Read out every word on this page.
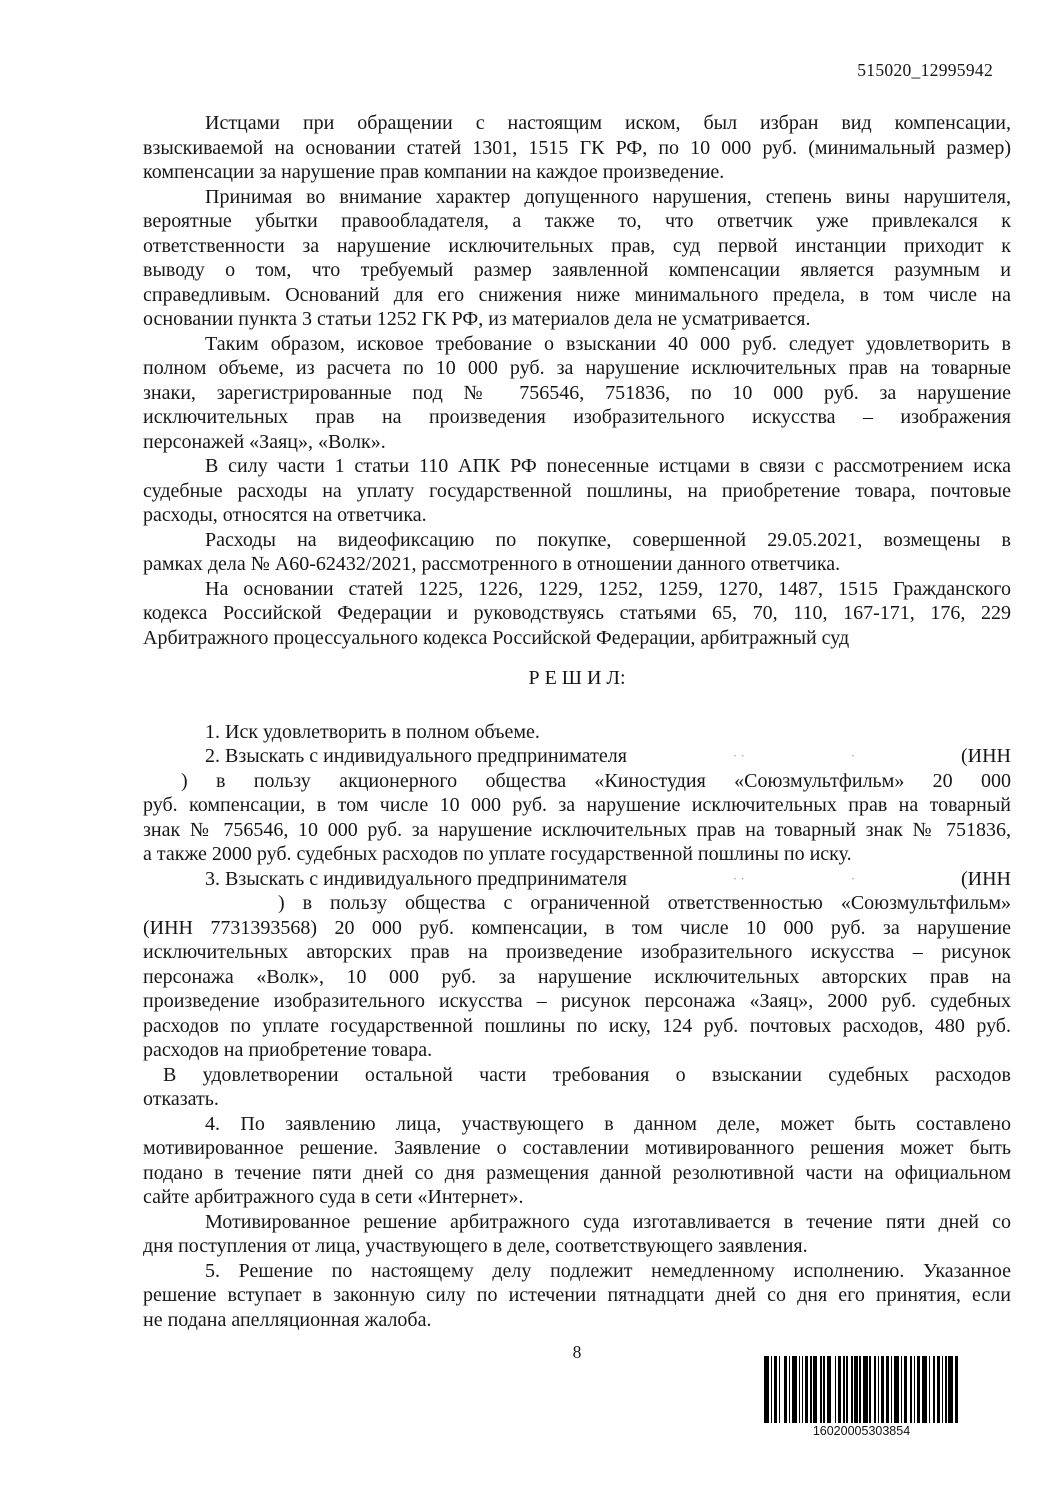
515020_12995942
Истцами при обращении с настоящим иском, был избран вид компенсации,
взыскиваемой на основании статей 1301, 1515 ГК РФ, по 10 000 руб. (минимальный размер)
компенсации за нарушение прав компании на каждое произведение.
Принимая во внимание характер допущенного нарушения, степень вины нарушителя,
вероятные убытки правообладателя, а также то, что ответчик уже привлекался к
ответственности за нарушение исключительных прав, суд первой инстанции приходит к
выводу о том, что требуемый размер заявленной компенсации является разумным и
справедливым. Оснований для его снижения ниже минимального предела, в том числе на
основании пункта 3 статьи 1252 ГК РФ, из материалов дела не усматривается.
Таким образом, исковое требование о взыскании 40 000 руб. следует удовлетворить в
полном объеме, из расчета по 10 000 руб. за нарушение исключительных прав на товарные
знаки, зарегистрированные под № 756546, 751836, по 10 000 руб. за нарушение
исключительных прав на произведения изобразительного искусства – изображения
персонажей «Заяц», «Волк».
В силу части 1 статьи 110 АПК РФ понесенные истцами в связи с рассмотрением иска
судебные расходы на уплату государственной пошлины, на приобретение товара, почтовые
расходы, относятся на ответчика.
Расходы на видеофиксацию по покупке, совершенной 29.05.2021, возмещены в
рамках дела № А60-62432/2021, рассмотренного в отношении данного ответчика.
На основании статей 1225, 1226, 1229, 1252, 1259, 1270, 1487, 1515 Гражданского
кодекса Российской Федерации и руководствуясь статьями 65, 70, 110, 167-171, 176, 229
Арбитражного процессуального кодекса Российской Федерации, арбитражный суд
Р Е Ш И Л:
1. Иск удовлетворить в полном объеме.
2. Взыскать с индивидуального предпринимателя	· ·	·	(ИНН
) в пользу акционерного общества «Киностудия «Союзмультфильм» 20 000
руб. компенсации, в том числе 10 000 руб. за нарушение исключительных прав на товарный
знак № 756546, 10 000 руб. за нарушение исключительных прав на товарный знак № 751836,
а также 2000 руб. судебных расходов по уплате государственной пошлины по иску.
3. Взыскать с индивидуального предпринимателя	· ·	·	(ИНН
) в пользу общества с ограниченной ответственностью «Союзмультфильм»
(ИНН 7731393568) 20 000 руб. компенсации, в том числе 10 000 руб. за нарушение
исключительных авторских прав на произведение изобразительного искусства – рисунок
персонажа «Волк», 10 000 руб. за нарушение исключительных авторских прав на
произведение изобразительного искусства – рисунок персонажа «Заяц», 2000 руб. судебных
расходов по уплате государственной пошлины по иску, 124 руб. почтовых расходов, 480 руб.
расходов на приобретение товара.
В удовлетворении остальной части требования о взыскании судебных расходов
отказать.
4. По заявлению лица, участвующего в данном деле, может быть составлено
мотивированное решение. Заявление о составлении мотивированного решения может быть
подано в течение пяти дней со дня размещения данной резолютивной части на официальном
сайте арбитражного суда в сети «Интернет».
Мотивированное решение арбитражного суда изготавливается в течение пяти дней со
дня поступления от лица, участвующего в деле, соответствующего заявления.
5. Решение по настоящему делу подлежит немедленному исполнению. Указанное
решение вступает в законную силу по истечении пятнадцати дней со дня его принятия, если
не подана апелляционная жалоба.
8
16020005303854
